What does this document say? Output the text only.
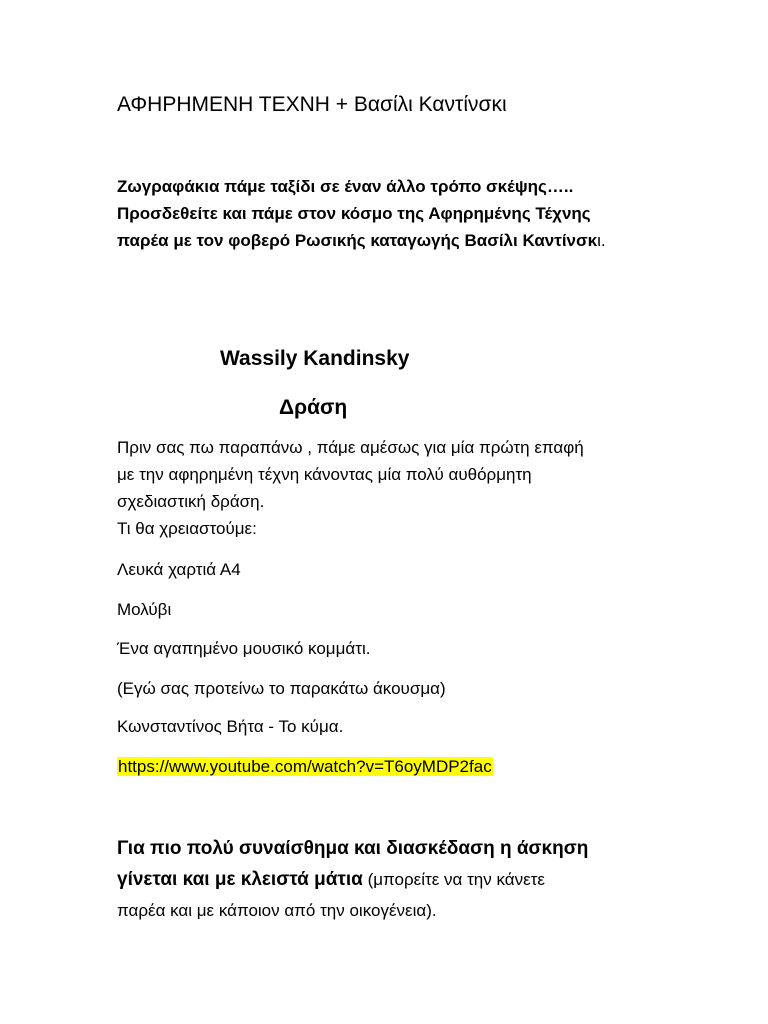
ΑΦΗΡΗΜΕΝΗ ΤΕΧΝΗ + Βασίλι Καντίνσκι
Ζωγραφάκια πάμε ταξίδι σε έναν άλλο τρόπο σκέψης…..
Προσδεθείτε και πάμε στον κόσμο της Αφηρημένης Τέχνης
παρέα με τον φοβερό Ρωσικής καταγωγής Βασίλι Καντίνσκι.
Wassily Kandinsky
Δράση
Πριν σας πω παραπάνω , πάμε αμέσως για μία πρώτη επαφή
με την αφηρημένη τέχνη κάνοντας μία πολύ αυθόρμητη
σχεδιαστική δράση.
Τι θα χρειαστούμε:
Λευκά χαρτιά Α4
Μολύβι
Ένα αγαπημένο μουσικό κομμάτι.
(Εγώ σας προτείνω το παρακάτω άκουσμα)
Κωνσταντίνος Βήτα - Το κύμα.
https://www.youtube.com/watch?v=T6oyMDP2fac
Για πιο πολύ συναίσθημα και διασκέδαση η άσκηση
γίνεται και με κλειστά μάτια (μπορείτε να την κάνετε
παρέα και με κάποιον από την οικογένεια).
